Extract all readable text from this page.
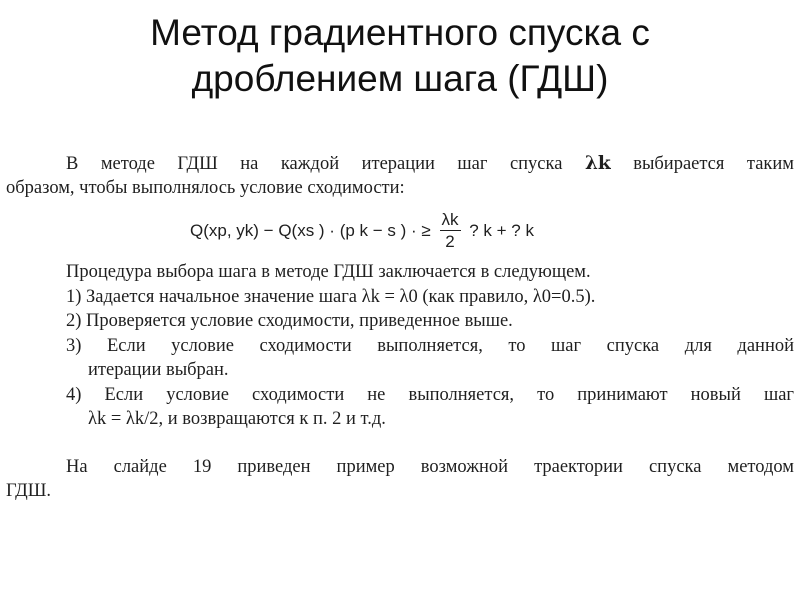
Метод градиентного спуска с
дроблением шага (ГДШ)
В методе ГДШ на каждой итерации шаг спуска λk выбирается таким
образом, чтобы выполнялось условие сходимости:
Q(xp, yk) − Q(xs ) · (p k − s ) · ≥ $\frac{\lambda k}{2}$ ? k + ? k

Процедура выбора шага в методе ГДШ заключается в следующем.

1) Задается начальное значение шага λk = λ0 (как правило, λ0=0.5).

2) Проверяется условие сходимости, приведенное выше.

3) Если условие сходимости выполняется, то шаг спуска для данной

итерации выбран.

4) Если условие сходимости не выполняется, то принимают новый шаг

λk = λk/2, и возвращаются к п. 2 и т.д.

На слайде 19 приведен пример возможной траектории спуска методом
ГДШ.
